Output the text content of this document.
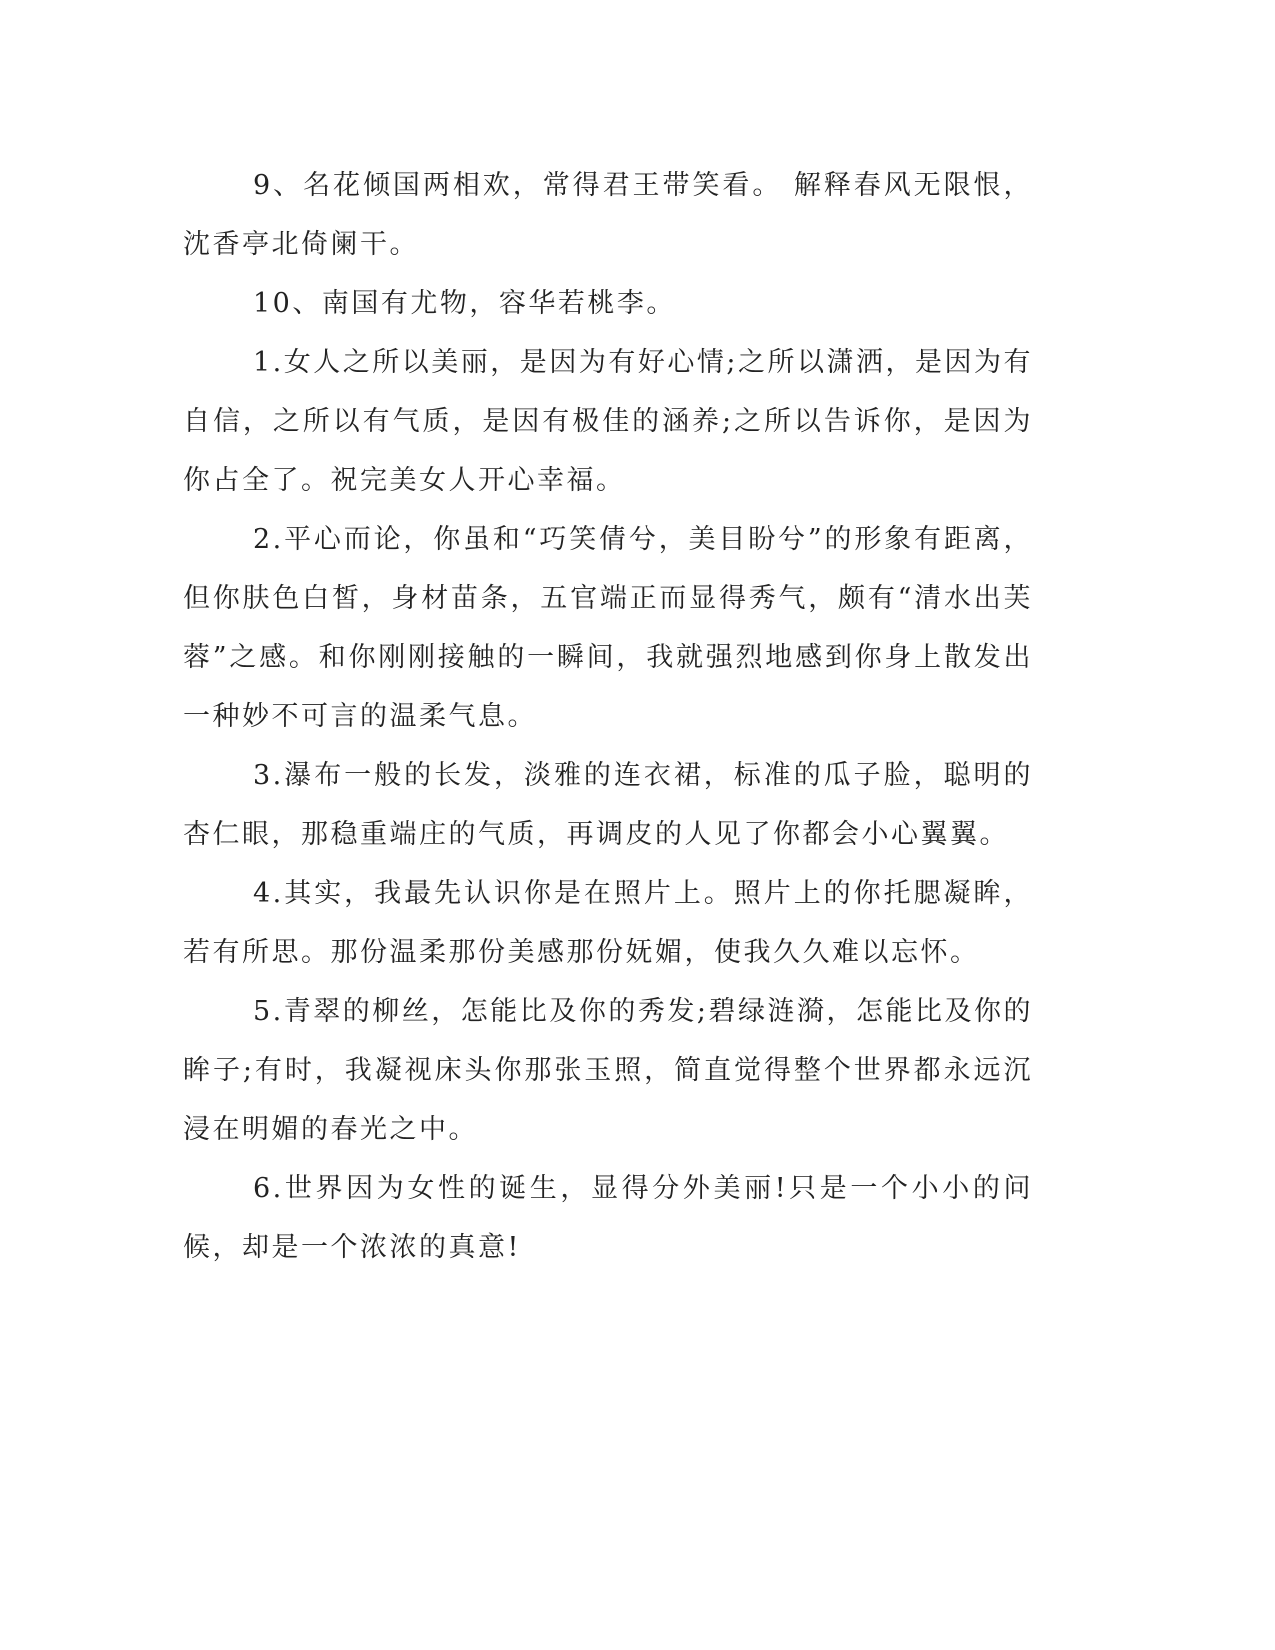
9、名花倾国两相欢，常得君王带笑看。 解释春风无限恨，沈香亭北倚阑干。

10、南国有尤物，容华若桃李。

1.女人之所以美丽，是因为有好心情;之所以潇洒，是因为有自信，之所以有气质，是因有极佳的涵养;之所以告诉你，是因为你占全了。祝完美女人开心幸福。

2.平心而论，你虽和“巧笑倩兮，美目盼兮”的形象有距离，但你肤色白皙，身材苗条，五官端正而显得秀气，颇有“清水出芙蓉”之感。和你刚刚接触的一瞬间，我就强烈地感到你身上散发出一种妙不可言的温柔气息。

3.瀑布一般的长发，淡雅的连衣裙，标准的瓜子脸，聪明的杏仁眼，那稳重端庄的气质，再调皮的人见了你都会小心翼翼。

4.其实，我最先认识你是在照片上。照片上的你托腮凝眸，若有所思。那份温柔那份美感那份妩媚，使我久久难以忘怀。

5.青翠的柳丝，怎能比及你的秀发;碧绿涟漪，怎能比及你的眸子;有时，我凝视床头你那张玉照，简直觉得整个世界都永远沉浸在明媚的春光之中。

6.世界因为女性的诞生，显得分外美丽!只是一个小小的问候，却是一个浓浓的真意!
